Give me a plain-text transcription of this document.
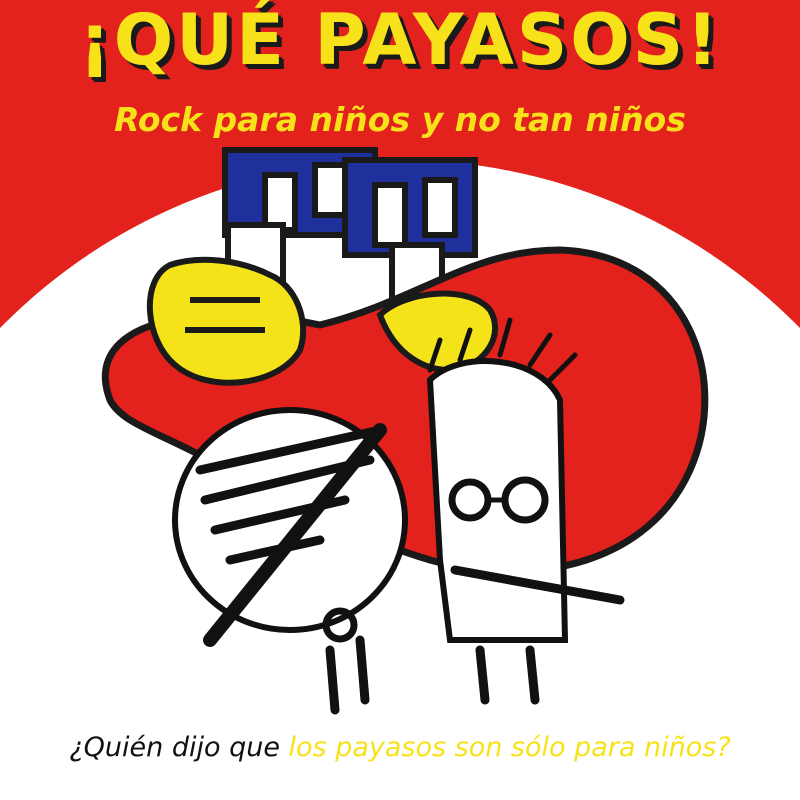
¡QUÉ PAYASOS!
Rock para niños y no tan niños
¿Quién dijo que los payasos son sólo para niños?
